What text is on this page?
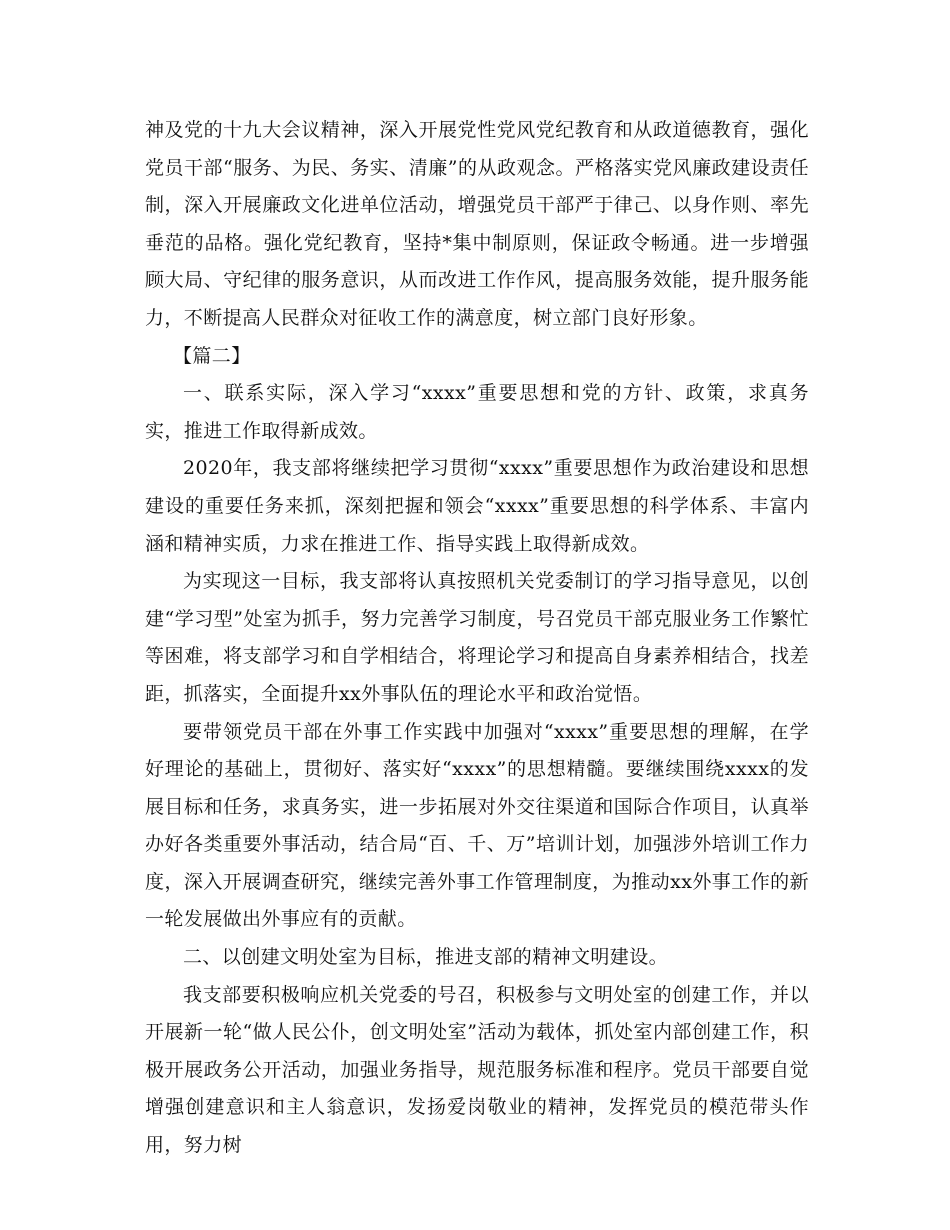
神及党的十九大会议精神，深入开展党性党风党纪教育和从政道德教育，强化党员干部“服务、为民、务实、清廉”的从政观念。严格落实党风廉政建设责任制，深入开展廉政文化进单位活动，增强党员干部严于律己、以身作则、率先垂范的品格。强化党纪教育，坚持*集中制原则，保证政令畅通。进一步增强顾大局、守纪律的服务意识，从而改进工作作风，提高服务效能，提升服务能力，不断提高人民群众对征收工作的满意度，树立部门良好形象。

【篇二】

一、联系实际，深入学习“xxxx”重要思想和党的方针、政策，求真务实，推进工作取得新成效。

2020年，我支部将继续把学习贯彻“xxxx”重要思想作为政治建设和思想建设的重要任务来抓，深刻把握和领会“xxxx”重要思想的科学体系、丰富内涵和精神实质，力求在推进工作、指导实践上取得新成效。

为实现这一目标，我支部将认真按照机关党委制订的学习指导意见，以创建“学习型”处室为抓手，努力完善学习制度，号召党员干部克服业务工作繁忙等困难，将支部学习和自学相结合，将理论学习和提高自身素养相结合，找差距，抓落实，全面提升xx外事队伍的理论水平和政治觉悟。

要带领党员干部在外事工作实践中加强对“xxxx”重要思想的理解，在学好理论的基础上，贯彻好、落实好“xxxx”的思想精髓。要继续围绕xxxx的发展目标和任务，求真务实，进一步拓展对外交往渠道和国际合作项目，认真举办好各类重要外事活动，结合局“百、千、万”培训计划，加强涉外培训工作力度，深入开展调查研究，继续完善外事工作管理制度，为推动xx外事工作的新一轮发展做出外事应有的贡献。

二、以创建文明处室为目标，推进支部的精神文明建设。

我支部要积极响应机关党委的号召，积极参与文明处室的创建工作，并以开展新一轮“做人民公仆，创文明处室”活动为载体，抓处室内部创建工作，积极开展政务公开活动，加强业务指导，规范服务标准和程序。党员干部要自觉增强创建意识和主人翁意识，发扬爱岗敬业的精神，发挥党员的模范带头作用，努力树
